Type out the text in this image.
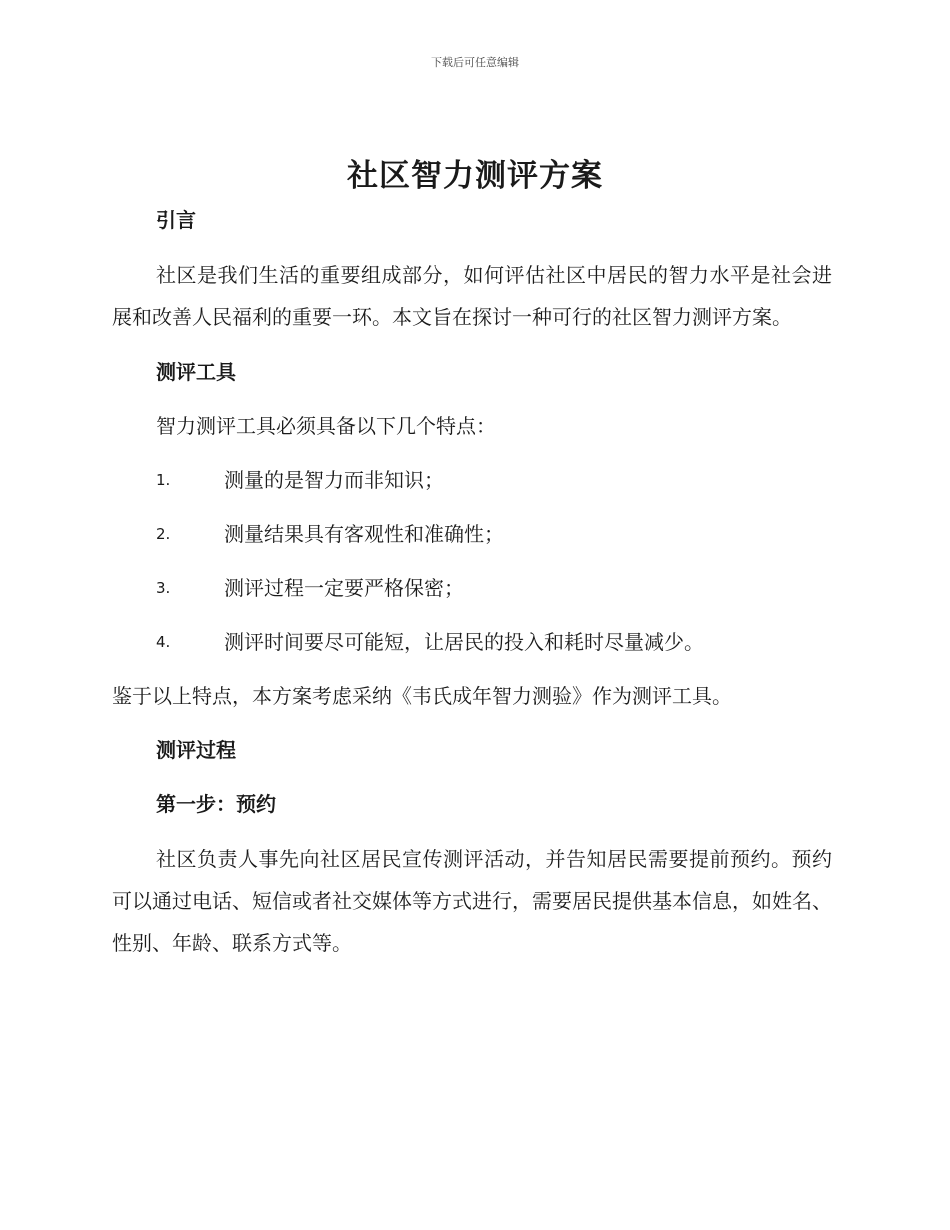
下载后可任意编辑
社区智力测评方案
引言

社区是我们生活的重要组成部分，如何评估社区中居民的智力水平是社会进展和改善人民福利的重要一环。本文旨在探讨一种可行的社区智力测评方案。

测评工具

智力测评工具必须具备以下几个特点：

1.	测量的是智力而非知识；
2.	测量结果具有客观性和准确性；
3.	测评过程一定要严格保密；
4.	测评时间要尽可能短，让居民的投入和耗时尽量减少。

鉴于以上特点，本方案考虑采纳《韦氏成年智力测验》作为测评工具。

测评过程
第一步：预约

社区负责人事先向社区居民宣传测评活动，并告知居民需要提前预约。预约可以通过电话、短信或者社交媒体等方式进行，需要居民提供基本信息，如姓名、性别、年龄、联系方式等。
